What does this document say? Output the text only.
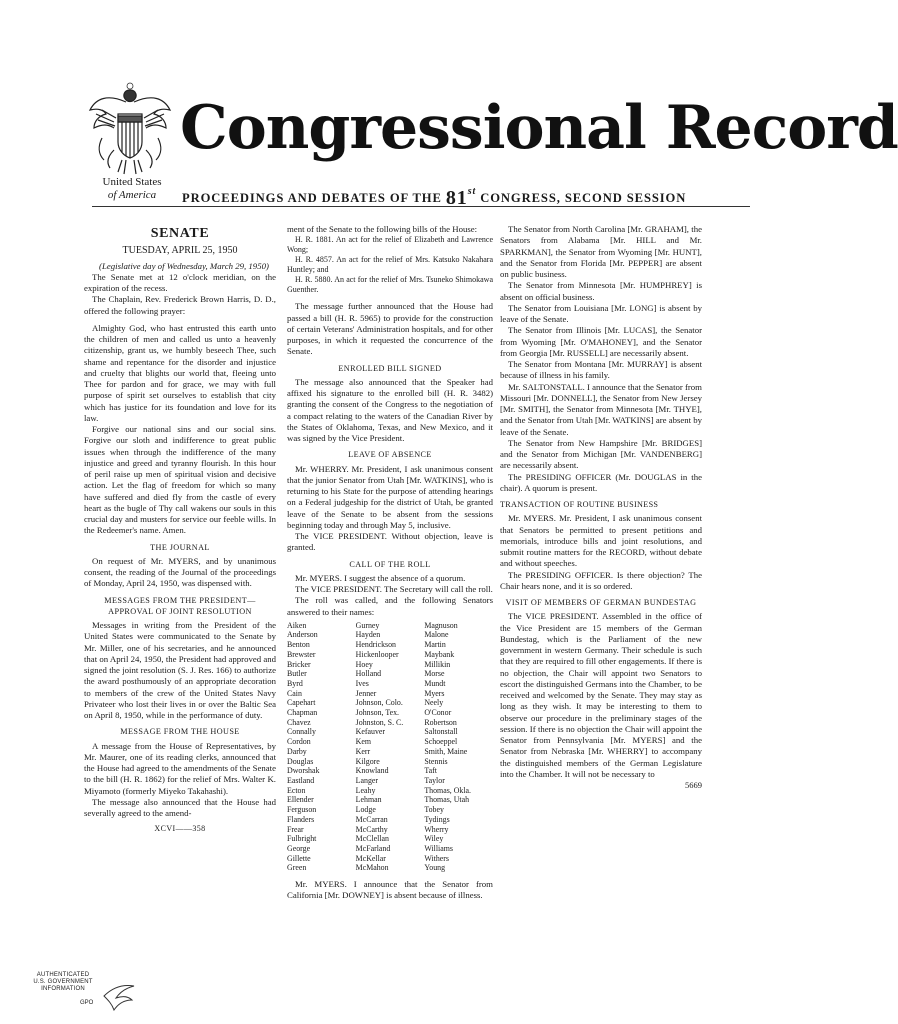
Congressional Record
United States
of America	PROCEEDINGS AND DEBATES OF THE 81st CONGRESS, SECOND SESSION
SENATE
TUESDAY, APRIL 25, 1950

(Legislative day of Wednesday, March 29, 1950)

The Senate met at 12 o'clock meridian, on the expiration of the recess.

The Chaplain, Rev. Frederick Brown Harris, D. D., offered the following prayer:

Almighty God, who hast entrusted this earth unto the children of men and called us unto a heavenly citizenship, grant us, we humbly beseech Thee, such shame and repentance for the disorder and injustice and cruelty that blights our world that, fleeing unto Thee for pardon and for grace, we may with full purpose of spirit set ourselves to establish that city which has justice for its foundation and love for its law.

Forgive our national sins and our social sins. Forgive our sloth and indifference to great public issues when through the indifference of the many injustice and greed and tyranny flourish. In this hour of peril raise up men of spiritual vision and decisive action. Let the flag of freedom for which so many have suffered and died fly from the castle of every heart as the bugle of Thy call wakens our souls in this crucial day and musters for service our feeble wills. In the Redeemer's name. Amen.

THE JOURNAL

On request of Mr. MYERS, and by unanimous consent, the reading of the Journal of the proceedings of Monday, April 24, 1950, was dispensed with.

MESSAGES FROM THE PRESIDENT— APPROVAL OF JOINT RESOLUTION

Messages in writing from the President of the United States were communicated to the Senate by Mr. Miller, one of his secretaries, and he announced that on April 24, 1950, the President had approved and signed the joint resolution (S. J. Res. 166) to authorize the award posthumously of an appropriate decoration to members of the crew of the United States Navy Privateer who lost their lives in or over the Baltic Sea on April 8, 1950, while in the performance of duty.

MESSAGE FROM THE HOUSE

A message from the House of Representatives, by Mr. Maurer, one of its reading clerks, announced that the House had agreed to the amendments of the Senate to the bill (H. R. 1862) for the relief of Mrs. Walter K. Miyamoto (formerly Miyeko Takahashi).

The message also announced that the House had severally agreed to the amend-

XCVI——358

ment of the Senate to the following bills of the House:

H. R. 1881. An act for the relief of Elizabeth and Lawrence Wong;

H. R. 4857. An act for the relief of Mrs. Katsuko Nakahara Huntley; and

H. R. 5880. An act for the relief of Mrs. Tsuneko Shimokawa Guenther.

The message further announced that the House had passed a bill (H. R. 5965) to provide for the construction of certain Veterans' Administration hospitals, and for other purposes, in which it requested the concurrence of the Senate.

ENROLLED BILL SIGNED

The message also announced that the Speaker had affixed his signature to the enrolled bill (H. R. 3482) granting the consent of the Congress to the negotiation of a compact relating to the waters of the Canadian River by the States of Oklahoma, Texas, and New Mexico, and it was signed by the Vice President.

LEAVE OF ABSENCE

Mr. WHERRY. Mr. President, I ask unanimous consent that the junior Senator from Utah [Mr. WATKINS], who is returning to his State for the purpose of attending hearings on a Federal judgeship for the district of Utah, be granted leave of the Senate to be absent from the sessions beginning today and through May 5, inclusive.

The VICE PRESIDENT. Without objection, leave is granted.

CALL OF THE ROLL

Mr. MYERS. I suggest the absence of a quorum.

The VICE PRESIDENT. The Secretary will call the roll.

The roll was called, and the following Senators answered to their names:

Aiken
Anderson
Benton
Brewster
Bricker
Butler
Byrd
Cain
Capehart
Chapman
Chavez
Connally
Cordon
Darby
Douglas
Dworshak
Eastland
Ecton
Ellender
Ferguson
Flanders
Frear
Fulbright
George
Gillette
Green
Gurney
Hayden
Hendrickson
Hickenlooper
Hoey
Holland
Ives
Jenner
Johnson, Colo.
Johnson, Tex.
Johnston, S. C.
Kefauver
Kem
Kerr
Kilgore
Knowland
Langer
Leahy
Lehman
Lodge
McCarran
McCarthy
McClellan
McFarland
McKellar
McMahon
Magnuson
Malone
Martin
Maybank
Millikin
Morse
Mundt
Myers
Neely
O'Conor
Robertson
Saltonstall
Schoeppel
Smith, Maine
Stennis
Taft
Taylor
Thomas, Okla.
Thomas, Utah
Tobey
Tydings
Wherry
Wiley
Williams
Withers
Young

Mr. MYERS. I announce that the Senator from California [Mr. DOWNEY] is absent because of illness.

The Senator from North Carolina [Mr. GRAHAM], the Senators from Alabama [Mr. HILL and Mr. SPARKMAN], the Senator from Wyoming [Mr. HUNT], and the Senator from Florida [Mr. PEPPER] are absent on public business.

The Senator from Minnesota [Mr. HUMPHREY] is absent on official business.

The Senator from Louisiana [Mr. LONG] is absent by leave of the Senate.

The Senator from Illinois [Mr. LUCAS], the Senator from Wyoming [Mr. O'MAHONEY], and the Senator from Georgia [Mr. RUSSELL] are necessarily absent.

The Senator from Montana [Mr. MURRAY] is absent because of illness in his family.

Mr. SALTONSTALL. I announce that the Senator from Missouri [Mr. DONNELL], the Senator from New Jersey [Mr. SMITH], the Senator from Minnesota [Mr. THYE], and the Senator from Utah [Mr. WATKINS] are absent by leave of the Senate.

The Senator from New Hampshire [Mr. BRIDGES] and the Senator from Michigan [Mr. VANDENBERG] are necessarily absent.

The PRESIDING OFFICER (Mr. DOUGLAS in the chair). A quorum is present.

TRANSACTION OF ROUTINE BUSINESS

Mr. MYERS. Mr. President, I ask unanimous consent that Senators be permitted to present petitions and memorials, introduce bills and joint resolutions, and submit routine matters for the RECORD, without debate and without speeches.

The PRESIDING OFFICER. Is there objection? The Chair hears none, and it is so ordered.

VISIT OF MEMBERS OF GERMAN BUNDESTAG

The VICE PRESIDENT. Assembled in the office of the Vice President are 15 members of the German Bundestag, which is the Parliament of the new government in western Germany. Their schedule is such that they are required to fill other engagements. If there is no objection, the Chair will appoint two Senators to escort the distinguished Germans into the Chamber, to be received and welcomed by the Senate. They may stay as long as they wish. It may be interesting to them to observe our procedure in the preliminary stages of the session. If there is no objection the Chair will appoint the Senator from Pennsylvania [Mr. MYERS] and the Senator from Nebraska [Mr. WHERRY] to accompany the distinguished members of the German Legislature into the Chamber. It will not be necessary to

5669
AUTHENTICATED
U.S. GOVERNMENT
INFORMATION
GPO
